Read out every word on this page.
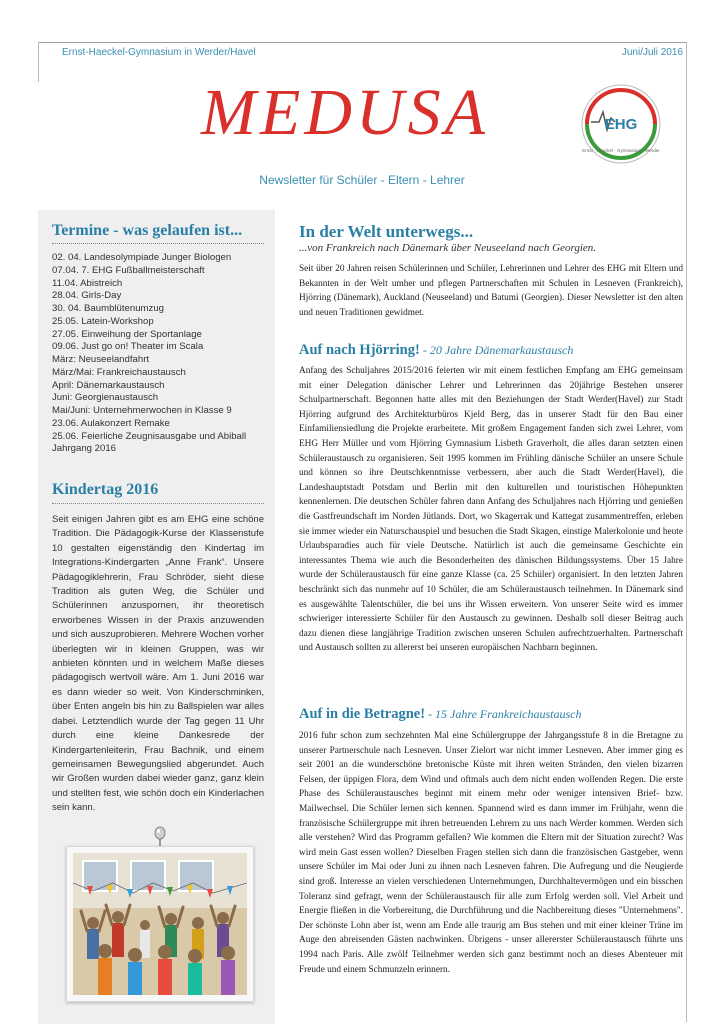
Ernst-Haeckel-Gymnasium in Werder/Havel	Juni/Juli 2016
MEDUSA	EHG
Ernst · Haeckel · Gymnasium · Werder
Newsletter für Schüler - Eltern - Lehrer
Termine - was gelaufen ist...
02. 04. Landesolympiade Junger Biologen
07.04. 7. EHG Fußballmeisterschaft
11.04. Abistreich
28.04. Girls-Day
30. 04. Baumblütenumzug
25.05. Latein-Workshop
27.05. Einweihung der Sportanlage
09.06. Just go on! Theater im Scala
März: Neuseelandfahrt
März/Mai: Frankreichaustausch
April: Dänemarkaustausch
Juni: Georgienaustausch
Mai/Juni: Unternehmerwochen in Klasse 9
23.06. Aulakonzert Remake
25.06. Feierliche Zeugnisausgabe und Abiball
Jahrgang 2016
Kindertag 2016

Seit einigen Jahren gibt es am EHG eine schöne Tradition. Die Pädagogik-Kurse der Klassenstufe 10 gestalten eigenständig den Kindertag im Integrations-Kindergarten „Anne Frank“. Unsere Pädagogiklehrerin, Frau Schröder, sieht diese Tradition als guten Weg, die Schüler und Schülerinnen anzuspornen, ihr theoretisch erworbenes Wissen in der Praxis anzuwenden und sich auszuprobieren. Mehrere Wochen vorher überlegten wir in kleinen Gruppen, was wir anbieten könnten und in welchem Maße dieses pädagogisch wertvoll wäre. Am 1. Juni 2016 war es dann wieder so weit. Von Kinderschminken, über Enten angeln bis hin zu Ballspielen war alles dabei. Letztendlich wurde der Tag gegen 11 Uhr durch eine kleine Dankesrede der Kindergartenleiterin, Frau Bachnik, und einem gemeinsamen Bewegungslied abgerundet. Auch wir Großen wurden dabei wieder ganz, ganz klein und stellten fest, wie schön doch ein Kinderlachen sein kann.

In der Welt unterwegs...
...von Frankreich nach Dänemark über Neuseeland nach Georgien.

Seit über 20 Jahren reisen Schülerinnen und Schüler, Lehrerinnen und Lehrer des EHG mit Eltern und Bekannten in der Welt umher und pflegen Partnerschaften mit Schulen in Lesneven (Frankreich), Hjörring (Dänemark), Auckland (Neuseeland) und Batumi (Georgien). Dieser Newsletter ist den alten und neuen Traditionen gewidmet.

Auf nach Hjörring! - 20 Jahre Dänemarkaustausch

Anfang des Schuljahres 2015/2016 feierten wir mit einem festlichen Empfang am EHG gemeinsam mit einer Delegation dänischer Lehrer und Lehrerinnen das 20jährige Bestehen unserer Schulpartnerschaft. Begonnen hatte alles mit den Beziehungen der Stadt Werder(Havel) zur Stadt Hjörring aufgrund des Architekturbüros Kjeld Berg, das in unserer Stadt für den Bau einer Einfamiliensiedlung die Projekte erarbeitete. Mit großem Engagement fanden sich zwei Lehrer, vom EHG Herr Müller und vom Hjörring Gymnasium Lisbeth Graverholt, die alles daran setzten einen Schüleraustausch zu organisieren. Seit 1995 kommen im Frühling dänische Schüler an unsere Schule und können so ihre Deutschkenntnisse verbessern, aber auch die Stadt Werder(Havel), die Landeshauptstadt Potsdam und Berlin mit den kulturellen und touristischen Höhepunkten kennenlernen. Die deutschen Schüler fahren dann Anfang des Schuljahres nach Hjörring und genießen die Gastfreundschaft im Norden Jütlands. Dort, wo Skagerrak und Kattegat zusammentreffen, erleben sie immer wieder ein Naturschauspiel und besuchen die Stadt Skagen, einstige Malerkolonie und heute Urlaubsparadies auch für viele Deutsche. Natürlich ist auch die gemeinsame Geschichte ein interessantes Thema wie auch die Besonderheiten des dänischen Bildungssystems. Über 15 Jahre wurde der Schüleraustausch für eine ganze Klasse (ca. 25 Schüler) organisiert. In den letzten Jahren beschränkt sich das nunmehr auf 10 Schüler, die am Schüleraustausch teilnehmen. In Dänemark sind es ausgewählte Talentschüler, die bei uns ihr Wissen erweitern. Von unserer Seite wird es immer schwieriger interessierte Schüler für den Austausch zu gewinnen. Deshalb soll dieser Beitrag auch dazu dienen diese langjährige Tradition zwischen unseren Schulen aufrechtzuerhalten. Partnerschaft und Austausch sollten zu allererst bei unseren europäischen Nachbarn beginnen.

Auf in die Betragne! - 15 Jahre Frankreichaustausch

2016 fuhr schon zum sechzehnten Mal eine Schülergruppe der Jahrgangsstufe 8 in die Bretagne zu unserer Partnerschule nach Lesneven. Unser Zielort war nicht immer Lesneven. Aber immer ging es seit 2001 an die wunderschöne bretonische Küste mit ihren weiten Stränden, den vielen bizarren Felsen, der üppigen Flora, dem Wind und oftmals auch dem nicht enden wollenden Regen. Die erste Phase des Schüleraustausches beginnt mit einem mehr oder weniger intensiven Brief- bzw. Mailwechsel. Die Schüler lernen sich kennen. Spannend wird es dann immer im Frühjahr, wenn die französische Schülergruppe mit ihren betreuenden Lehrern zu uns nach Werder kommen. Werden sich alle verstehen? Wird das Programm gefallen? Wie kommen die Eltern mit der Situation zurecht? Was wird mein Gast essen wollen? Dieselben Fragen stellen sich dann die französischen Gastgeber, wenn unsere Schüler im Mai oder Juni zu ihnen nach Lesneven fahren. Die Aufregung und die Neugierde sind groß. Interesse an vielen verschiedenen Unternehmungen, Durchhaltevermögen und ein bisschen Toleranz sind gefragt, wenn der Schüleraustausch für alle zum Erfolg werden soll. Viel Arbeit und Energie fließen in die Vorbereitung, die Durchführung und die Nachbereitung dieses "Unternehmens". Der schönste Lohn aber ist, wenn am Ende alle traurig am Bus stehen und mit einer kleiner Träne im Auge den abreisenden Gästen nachwinken. Übrigens - unser allererster Schüleraustausch führte uns 1994 nach Paris. Alle zwölf Teilnehmer werden sich ganz bestimmt noch an dieses Abenteuer mit Freude und einem Schmunzeln erinnern.
